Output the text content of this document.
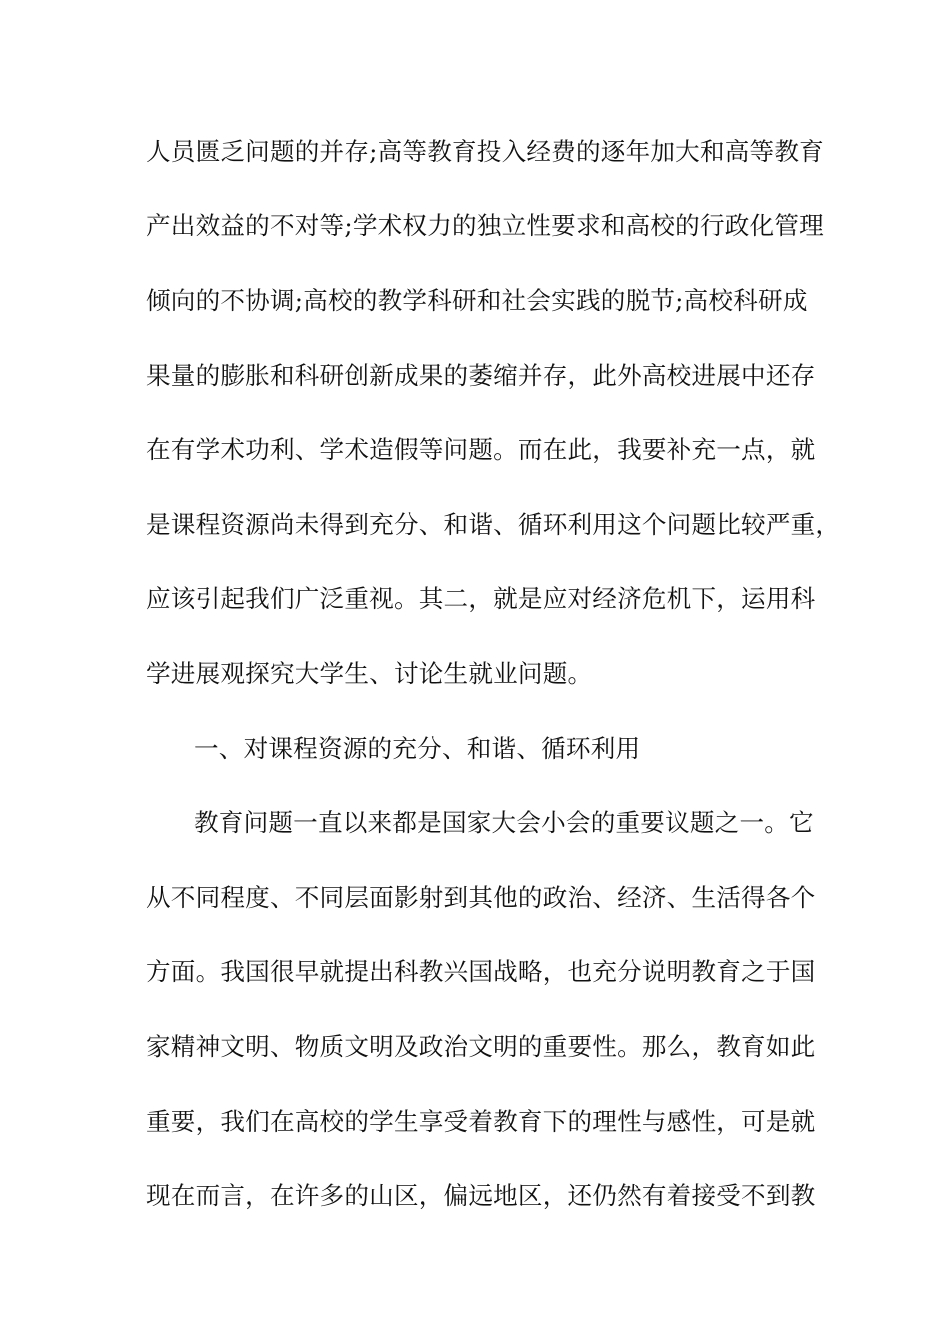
人员匮乏问题的并存;高等教育投入经费的逐年加大和高等教育
产出效益的不对等;学术权力的独立性要求和高校的行政化管理
倾向的不协调;高校的教学科研和社会实践的脱节;高校科研成
果量的膨胀和科研创新成果的萎缩并存，此外高校进展中还存
在有学术功利、学术造假等问题。而在此，我要补充一点，就
是课程资源尚未得到充分、和谐、循环利用这个问题比较严重，
应该引起我们广泛重视。其二，就是应对经济危机下，运用科
学进展观探究大学生、讨论生就业问题。
一、对课程资源的充分、和谐、循环利用
教育问题一直以来都是国家大会小会的重要议题之一。它
从不同程度、不同层面影射到其他的政治、经济、生活得各个
方面。我国很早就提出科教兴国战略，也充分说明教育之于国
家精神文明、物质文明及政治文明的重要性。那么，教育如此
重要，我们在高校的学生享受着教育下的理性与感性，可是就
现在而言，在许多的山区，偏远地区，还仍然有着接受不到教
